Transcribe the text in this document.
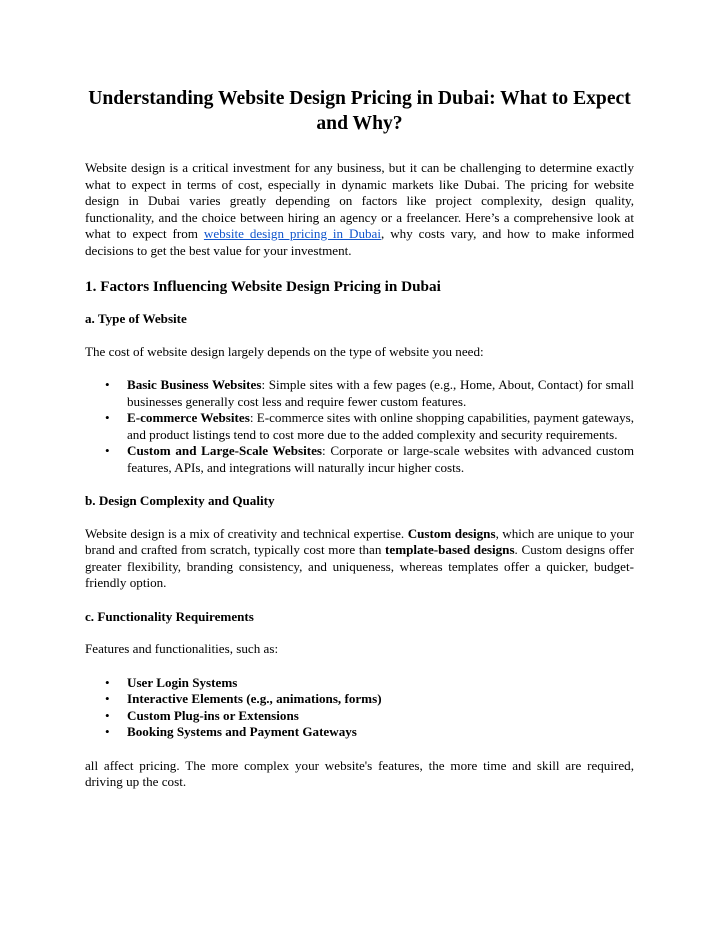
Understanding Website Design Pricing in Dubai: What to Expect and Why?

Website design is a critical investment for any business, but it can be challenging to determine exactly what to expect in terms of cost, especially in dynamic markets like Dubai. The pricing for website design in Dubai varies greatly depending on factors like project complexity, design quality, functionality, and the choice between hiring an agency or a freelancer. Here’s a comprehensive look at what to expect from website design pricing in Dubai, why costs vary, and how to make informed decisions to get the best value for your investment.

1. Factors Influencing Website Design Pricing in Dubai
a. Type of Website

The cost of website design largely depends on the type of website you need:

• Basic Business Websites: Simple sites with a few pages (e.g., Home, About, Contact) for small businesses generally cost less and require fewer custom features.
• E-commerce Websites: E-commerce sites with online shopping capabilities, payment gateways, and product listings tend to cost more due to the added complexity and security requirements.
• Custom and Large-Scale Websites: Corporate or large-scale websites with advanced custom features, APIs, and integrations will naturally incur higher costs.
b. Design Complexity and Quality

Website design is a mix of creativity and technical expertise. Custom designs, which are unique to your brand and crafted from scratch, typically cost more than template-based designs. Custom designs offer greater flexibility, branding consistency, and uniqueness, whereas templates offer a quicker, budget-friendly option.

c. Functionality Requirements

Features and functionalities, such as:

• User Login Systems
• Interactive Elements (e.g., animations, forms)
• Custom Plug-ins or Extensions
• Booking Systems and Payment Gateways

all affect pricing. The more complex your website's features, the more time and skill are required, driving up the cost.
